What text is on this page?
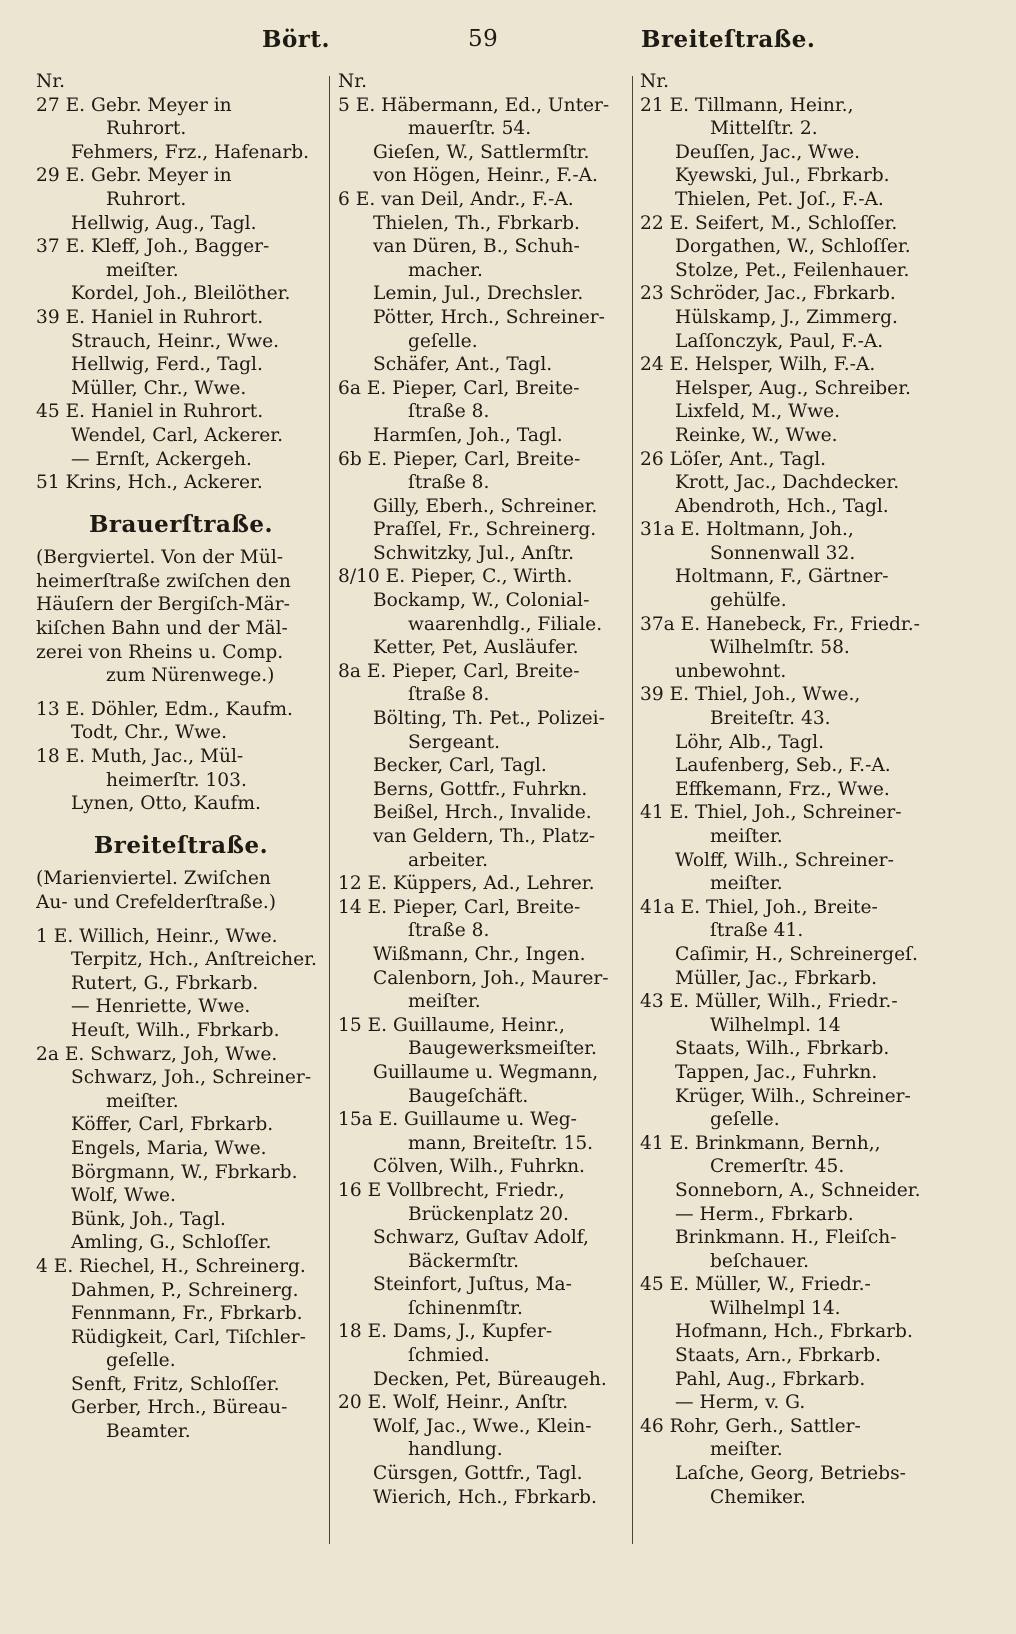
Bört.	59	Breiteſtraße.
Nr.
27 E. Gebr. Meyer in
Ruhrort.
Fehmers, Frz., Hafenarb.
29 E. Gebr. Meyer in
Ruhrort.
Hellwig, Aug., Tagl.
37 E. Kleff, Joh., Bagger-
meiſter.
Kordel, Joh., Bleilöther.
39 E. Haniel in Ruhrort.
Strauch, Heinr., Wwe.
Hellwig, Ferd., Tagl.
Müller, Chr., Wwe.
45 E. Haniel in Ruhrort.
Wendel, Carl, Ackerer.
— Ernſt, Ackergeh.
51 Krins, Hch., Ackerer.
Brauerſtraße.
(Bergviertel. Von der Mül-
heimerſtraße zwiſchen den
Häuſern der Bergiſch-Mär-
kiſchen Bahn und der Mäl-
zerei von Rheins u. Comp.
zum Nürenwege.)
13 E. Döhler, Edm., Kaufm.
Todt, Chr., Wwe.
18 E. Muth, Jac., Mül-
heimerſtr. 103.
Lynen, Otto, Kaufm.
Breiteſtraße.
(Marienviertel. Zwiſchen
Au- und Crefelderſtraße.)
1 E. Willich, Heinr., Wwe.
Terpitz, Hch., Anſtreicher.
Rutert, G., Fbrkarb.
— Henriette, Wwe.
Heuſt, Wilh., Fbrkarb.
2a E. Schwarz, Joh, Wwe.
Schwarz, Joh., Schreiner-
meiſter.
Köffer, Carl, Fbrkarb.
Engels, Maria, Wwe.
Börgmann, W., Fbrkarb.
Wolf, Wwe.
Bünk, Joh., Tagl.
Amling, G., Schloſſer.
4 E. Riechel, H., Schreinerg.
Dahmen, P., Schreinerg.
Fennmann, Fr., Fbrkarb.
Rüdigkeit, Carl, Tiſchler-
geſelle.
Senft, Fritz, Schloſſer.
Gerber, Hrch., Büreau-
Beamter.
Nr.
5 E. Häbermann, Ed., Unter-
mauerſtr. 54.
Gieſen, W., Sattlermſtr.
von Högen, Heinr., F.-A.
6 E. van Deil, Andr., F.-A.
Thielen, Th., Fbrkarb.
van Düren, B., Schuh-
macher.
Lemin, Jul., Drechsler.
Pötter, Hrch., Schreiner-
geſelle.
Schäfer, Ant., Tagl.
6a E. Pieper, Carl, Breite-
ſtraße 8.
Harmſen, Joh., Tagl.
6b E. Pieper, Carl, Breite-
ſtraße 8.
Gilly, Eberh., Schreiner.
Praſſel, Fr., Schreinerg.
Schwitzky, Jul., Anſtr.
8/10 E. Pieper, C., Wirth.
Bockamp, W., Colonial-
waarenhdlg., Filiale.
Ketter, Pet, Ausläufer.
8a E. Pieper, Carl, Breite-
ſtraße 8.
Bölting, Th. Pet., Polizei-
Sergeant.
Becker, Carl, Tagl.
Berns, Gottfr., Fuhrkn.
Beißel, Hrch., Invalide.
van Geldern, Th., Platz-
arbeiter.
12 E. Küppers, Ad., Lehrer.
14 E. Pieper, Carl, Breite-
ſtraße 8.
Wißmann, Chr., Ingen.
Calenborn, Joh., Maurer-
meiſter.
15 E. Guillaume, Heinr.,
Baugewerksmeiſter.
Guillaume u. Wegmann,
Baugeſchäft.
15a E. Guillaume u. Weg-
mann, Breiteſtr. 15.
Cölven, Wilh., Fuhrkn.
16 E Vollbrecht, Friedr.,
Brückenplatz 20.
Schwarz, Guſtav Adolf,
Bäckermſtr.
Steinfort, Juſtus, Ma-
ſchinenmſtr.
18 E. Dams, J., Kupfer-
ſchmied.
Decken, Pet, Büreaugeh.
20 E. Wolf, Heinr., Anſtr.
Wolf, Jac., Wwe., Klein-
handlung.
Cürsgen, Gottfr., Tagl.
Wierich, Hch., Fbrkarb.
Nr.
21 E. Tillmann, Heinr.,
Mittelſtr. 2.
Deuſſen, Jac., Wwe.
Kyewski, Jul., Fbrkarb.
Thielen, Pet. Joſ., F.-A.
22 E. Seifert, M., Schloſſer.
Dorgathen, W., Schloſſer.
Stolze, Pet., Feilenhauer.
23 Schröder, Jac., Fbrkarb.
Hülskamp, J., Zimmerg.
Laſſonczyk, Paul, F.-A.
24 E. Helsper, Wilh, F.-A.
Helsper, Aug., Schreiber.
Lixfeld, M., Wwe.
Reinke, W., Wwe.
26 Löſer, Ant., Tagl.
Krott, Jac., Dachdecker.
Abendroth, Hch., Tagl.
31a E. Holtmann, Joh.,
Sonnenwall 32.
Holtmann, F., Gärtner-
gehülfe.
37a E. Hanebeck, Fr., Friedr.-
Wilhelmſtr. 58.
unbewohnt.
39 E. Thiel, Joh., Wwe.,
Breiteſtr. 43.
Löhr, Alb., Tagl.
Laufenberg, Seb., F.-A.
Effkemann, Frz., Wwe.
41 E. Thiel, Joh., Schreiner-
meiſter.
Wolff, Wilh., Schreiner-
meiſter.
41a E. Thiel, Joh., Breite-
ſtraße 41.
Caſimir, H., Schreinergeſ.
Müller, Jac., Fbrkarb.
43 E. Müller, Wilh., Friedr.-
Wilhelmpl. 14
Staats, Wilh., Fbrkarb.
Tappen, Jac., Fuhrkn.
Krüger, Wilh., Schreiner-
geſelle.
41 E. Brinkmann, Bernh,,
Cremerſtr. 45.
Sonneborn, A., Schneider.
— Herm., Fbrkarb.
Brinkmann. H., Fleiſch-
beſchauer.
45 E. Müller, W., Friedr.-
Wilhelmpl 14.
Hofmann, Hch., Fbrkarb.
Staats, Arn., Fbrkarb.
Pahl, Aug., Fbrkarb.
— Herm, v. G.
46 Rohr, Gerh., Sattler-
meiſter.
Laſche, Georg, Betriebs-
Chemiker.
